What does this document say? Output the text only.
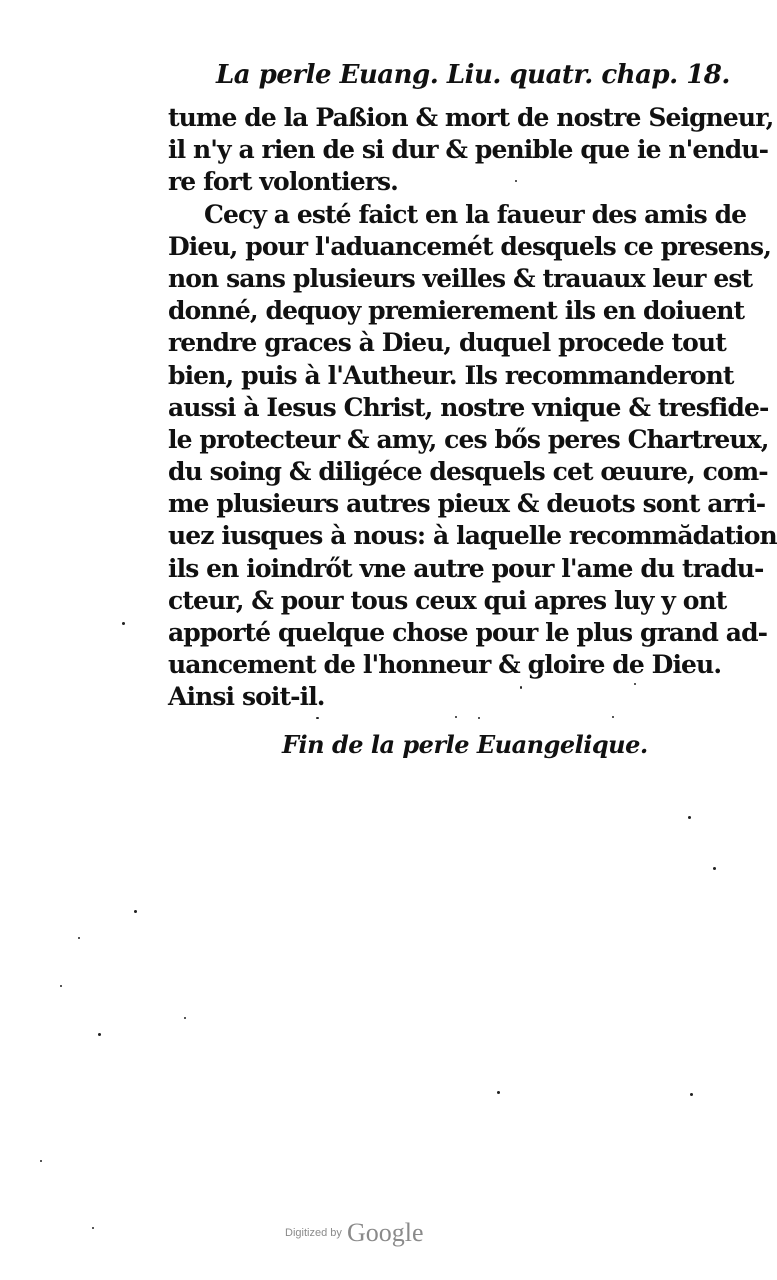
La perle Euang. Liu. quatr. chap. 18.
tume de la Paßion & mort de nostre Seigneur,
il n'y a rien de si dur & penible que ie n'endu-
re fort volontiers.
Cecy a esté faict en la faueur des amis de
Dieu, pour l'aduancemét desquels ce presens,
non sans plusieurs veilles & trauaux leur est
donné, dequoy premierement ils en doiuent
rendre graces à Dieu, duquel procede tout
bien, puis à l'Autheur. Ils recommanderont
aussi à Iesus Christ, nostre vnique & tresfide-
le protecteur & amy, ces bős peres Chartreux,
du soing & diligéce desquels cet œuure, com-
me plusieurs autres pieux & deuots sont arri-
uez iusques à nous: à laquelle recommădation
ils en ioindrőt vne autre pour l'ame du tradu-
cteur, & pour tous ceux qui apres luy y ont
apporté quelque chose pour le plus grand ad-
uancement de l'honneur & gloire de Dieu.
Ainsi soit-il.
Fin de la perle Euangelique.
Digitized by Google
